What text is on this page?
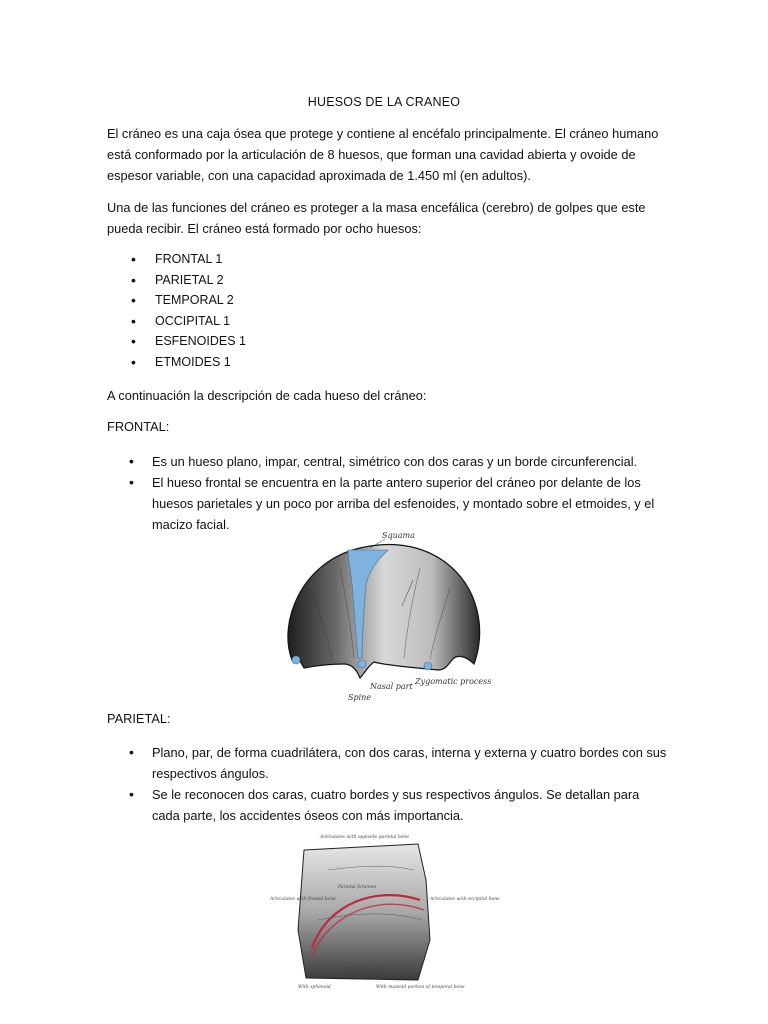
HUESOS DE LA CRANEO
El cráneo es una caja ósea que protege y contiene al encéfalo principalmente. El cráneo humano está conformado por la articulación de 8 huesos, que forman una cavidad abierta y ovoide de espesor variable, con una capacidad aproximada de 1.450 ml (en adultos).
Una de las funciones del cráneo es proteger a la masa encefálica (cerebro) de golpes que este pueda recibir. El cráneo está formado por ocho huesos:
• FRONTAL 1
• PARIETAL 2
• TEMPORAL 2
• OCCIPITAL 1
• ESFENOIDES 1
• ETMOIDES 1
A continuación la descripción de cada hueso del cráneo:
FRONTAL:
• Es un hueso plano, impar, central, simétrico con dos caras y un borde circunferencial.
• El hueso frontal se encuentra en la parte antero superior del cráneo por delante de los huesos parietales y un poco por arriba del esfenoides, y montado sobre el etmoides, y el macizo facial.
Squama
Nasal part
Zygomatic process
Spine
PARIETAL:
• Plano, par, de forma cuadrilátera, con dos caras, interna y externa y cuatro bordes con sus respectivos ángulos.
• Se le reconocen dos caras, cuatro bordes y sus respectivos ángulos. Se detallan para cada parte, los accidentes óseos con más importancia.
Articulates with opposite parietal bone
Articulates with frontal bone	Articulates with occipital bone
Parietal foramen
temporal squama
With sphenoid	With mastoid portion of temporal bone
